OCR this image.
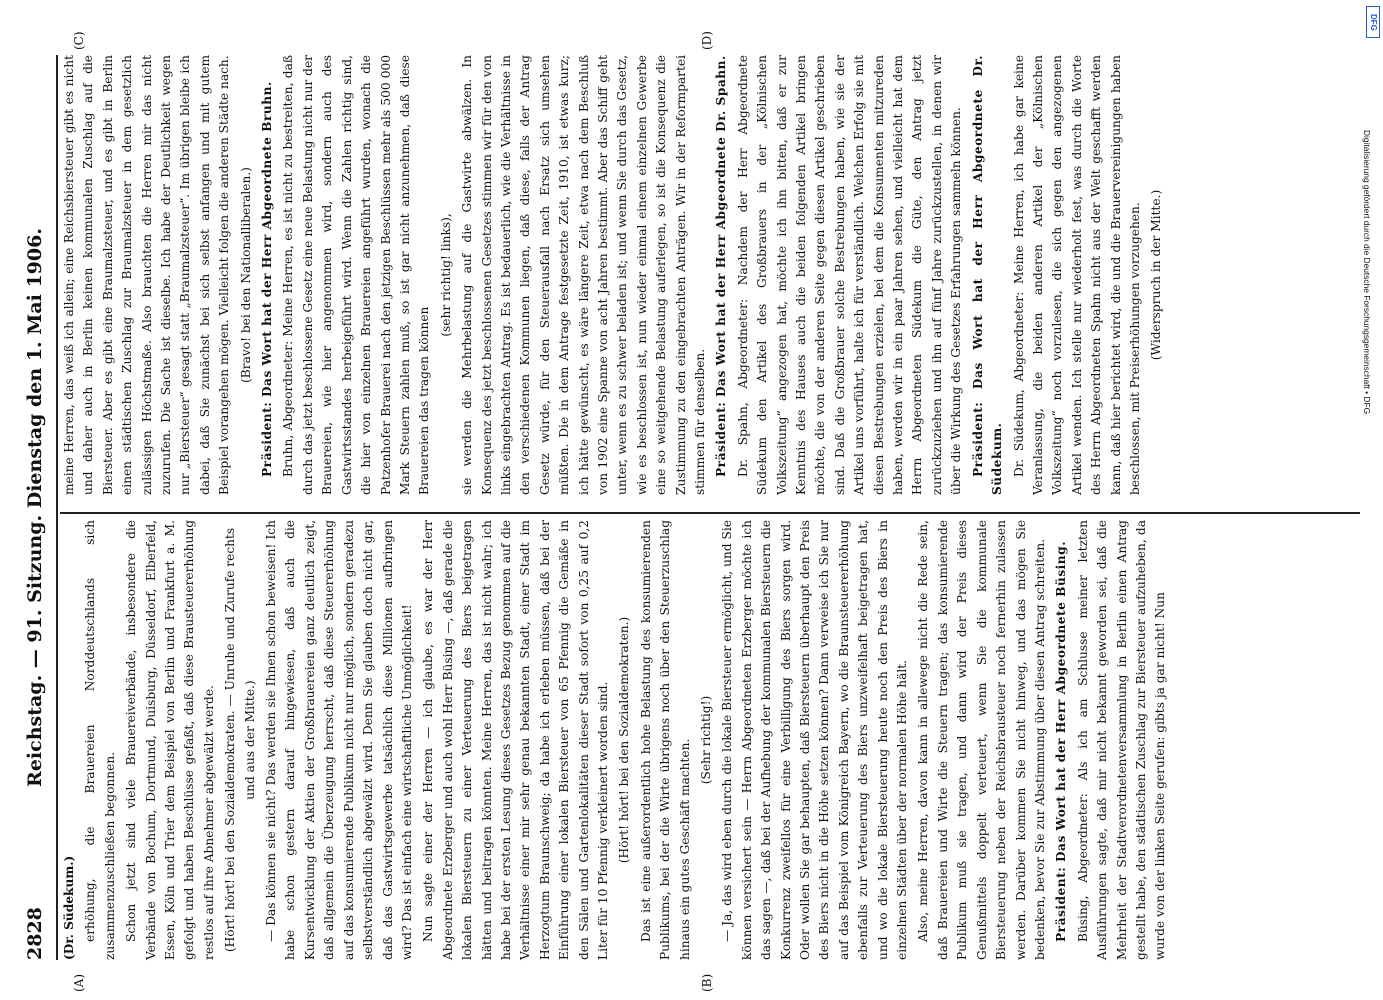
2828
Reichstag. — 91. Sitzung. Dienstag den 1. Mai 1906.

(Dr. Südekum.) erhöhung, die Brauereien Norddeutschlands sich zusammenzuschließen begonnen. Schon jetzt sind viele Brauereiverbände, insbesondere die Verbände von Bochum, Dortmund, Duisburg, Düsseldorf, Elberfeld, Essen, Köln und Trier dem Beispiel von Berlin und Frankfurt a. M. gefolgt und haben Beschlüsse gefaßt, daß diese Brausteuererhöhung restlos auf ihre Abnehmer abgewälzt werde. (Hört! hört! bei den Sozialdemokraten. — Unruhe und Zurufe rechts und aus der Mitte.) — Das können sie nicht? Das werden sie Ihnen schon beweisen! Ich habe schon gestern darauf hingewiesen, daß auch die Kursentwicklung der Aktien der Großbrauereien ganz deutlich zeigt, daß allgemein die Überzeugung herrscht, daß diese Steuererhöhung auf das konsumierende Publikum nicht nur möglich, sondern geradezu selbstverständlich abgewälzt wird. Denn Sie glauben doch nicht gar, daß das Gastwirtsgewerbe tatsächlich diese Millionen aufbringen wird? Das ist einfach eine wirtschaftliche Unmöglichkeit! Nun sagte einer der Herren — ich glaube, es war der Herr Abgeordnete Erzberger und auch wohl Herr Büsing —, daß gerade die lokalen Biersteuern zu einer Verteuerung des Biers beigetragen hätten und beitragen könnten. Meine Herren, das ist nicht wahr; ich habe bei der ersten Lesung dieses Gesetzes Bezug genommen auf die Verhältnisse einer mir sehr genau bekannten Stadt, einer Stadt im Herzogtum Braunschweig; da habe ich erleben müssen, daß bei der Einführung einer lokalen Biersteuer von 65 Pfennig die Gemäße in den Sälen und Gartenlokalitäten dieser Stadt sofort von 0,25 auf 0,2 Liter für 10 Pfennig verkleinert worden sind. (Hört! hört! bei den Sozialdemokraten.) Das ist eine außerordentlich hohe Belastung des konsumierenden Publikums, bei der die Wirte übrigens noch über den Steuerzuschlag hinaus ein gutes Geschäft machten. (Sehr richtig!) — Ja, das wird eben durch die lokale Biersteuer ermöglicht, und Sie können versichert sein — Herrn Abgeordneten Erzberger möchte ich das sagen —, daß bei der Aufhebung der kommunalen Biersteuern die Konkurrenz zweifellos für eine Verbilligung des Biers sorgen wird. Oder wollen Sie gar behaupten, daß Biersteuern überhaupt den Preis des Biers nicht in die Höhe setzen können? Dann verweise ich Sie nur auf das Beispiel vom Königreich Bayern, wo die Braunsteuererhöhung ebenfalls zur Verteuerung des Biers unzweifelhaft beigetragen hat, und wo die lokale Biersteuerung heute noch den Preis des Biers in einzelnen Städten über der normalen Höhe hält. Also, meine Herren, davon kann in allewege nicht die Rede sein, daß Brauereien und Wirte die Steuern tragen; das konsumierende Publikum muß sie tragen, und dann wird der Preis dieses Genußmittels doppelt verteuert, wenn Sie die kommunale Biersteuerung neben der Reichsbrausteuer noch fernerhin zulassen werden. Darüber kommen Sie nicht hinweg, und das mögen Sie bedenken, bevor Sie zur Abstimmung über diesen Antrag schreiten. Präsident: Das Wort hat der Herr Abgeordnete Büsing. Büsing, Abgeordneter: Als ich am Schlusse meiner letzten Ausführungen sagte, daß mir nicht bekannt geworden sei, daß die Mehrheit der Stadtverordnetenversammlung in Berlin einen Antrag gestellt habe, den städtischen Zuschlag zur Biersteuer aufzuheben, da wurde von der linken Seite gerufen: gibts ja gar nicht! Nun

meine Herren, das weiß ich allein; eine Reichsbiersteuer gibt es nicht und daher auch in Berlin keinen kommunalen Zuschlag auf die Biersteuer. Aber es gibt eine Braumalzsteuer, und es gibt in Berlin einen städtischen Zuschlag zur Braumalzsteuer in dem gesetzlich zulässigen Höchstmaße. Also brauchten die Herren mir das nicht zuzurufen. Die Sache ist dieselbe. Ich habe der Deutlichkeit wegen nur „Biersteuer“ gesagt statt „Braumalzsteuer“. Im übrigen bleibe ich dabei, daß Sie zunächst bei sich selbst anfangen und mit gutem Beispiel vorangehen mögen. Vielleicht folgen die anderen Städte nach. (Bravo! bei den Nationalliberalen.) Präsident: Das Wort hat der Herr Abgeordnete Bruhn. Bruhn, Abgeordneter: Meine Herren, es ist nicht zu bestreiten, daß durch das jetzt beschlossene Gesetz eine neue Belastung nicht nur der Brauereien, wie hier angenommen wird, sondern auch des Gastwirtsstandes herbeigeführt wird. Wenn die Zahlen richtig sind, die hier von einzelnen Brauereien angeführt wurden, wonach die Patzenhofer Brauerei nach den jetzigen Beschlüssen mehr als 500 000 Mark Steuern zahlen muß, so ist gar nicht anzunehmen, daß diese Brauereien das tragen können

(sehr richtig! links), sie werden die Mehrbelastung auf die Gastwirte abwälzen. In Konsequenz des jetzt beschlossenen Gesetzes stimmen wir für den von links eingebrachten Antrag. Es ist bedauerlich, wie die Verhältnisse in den verschiedenen Kommunen liegen, daß diese, falls der Antrag Gesetz würde, für den Steuerausfall nach Ersatz sich umsehen müßten. Die in dem Antrage festgesetzte Zeit, 1910, ist etwas kurz; ich hätte gewünscht, es wäre längere Zeit, etwa nach dem Beschluß von 1902 eine Spanne von acht Jahren bestimmt. Aber das Schiff geht unter, wenn es zu schwer beladen ist; und wenn Sie durch das Gesetz, wie es beschlossen ist, nun wieder einmal einem einzelnen Gewerbe eine so weitgehende Belastung auferlegen, so ist die Konsequenz die Zustimmung zu den eingebrachten Anträgen. Wir in der Reformpartei stimmen für denselben. Präsident: Das Wort hat der Herr Abgeordnete Dr. Spahn. Dr. Spahn, Abgeordneter: Nachdem der Herr Abgeordnete Südekum den Artikel des Großbrauers in der „Kölnischen Volkszeitung“ angezogen hat, möchte ich ihn bitten, daß er zur Kenntnis des Hauses auch die beiden folgenden Artikel bringen möchte, die von der anderen Seite gegen diesen Artikel geschrieben sind. Daß die Großbrauer solche Bestrebungen haben, wie sie der Artikel uns vorführt, halte ich für verständlich. Welchen Erfolg sie mit diesen Bestrebungen erzielen, bei dem die Konsumenten mitzureden haben, werden wir in ein paar Jahren sehen, und vielleicht hat dem Herrn Abgeordneten Südekum die Güte, den Antrag jetzt zurückzuziehen und ihn auf fünf Jahre zurückzustellen, in denen wir über die Wirkung des Gesetzes Erfahrungen sammeln können. Präsident: Das Wort hat der Herr Abgeordnete Dr. Südekum. Dr. Südekum, Abgeordneter: Meine Herren, ich habe gar keine Veranlassung, die beiden anderen Artikel der „Kölnischen Volkszeitung“ noch vorzulesen, die sich gegen den angezogenen Artikel wenden. Ich stelle nur wiederholt fest, was durch die Worte des Herrn Abgeordneten Spahn nicht aus der Welt geschafft werden kann, daß hier berichtet wird, die und die Brauervereinigungen haben beschlossen, mit Preiserhöhungen vorzugehen. (Widerspruch in der Mitte.)

(A)	(B)
(C)	(D)
DFG
Digitalisierung gefördert durch die Deutsche Forschungsgemeinschaft • DFG
